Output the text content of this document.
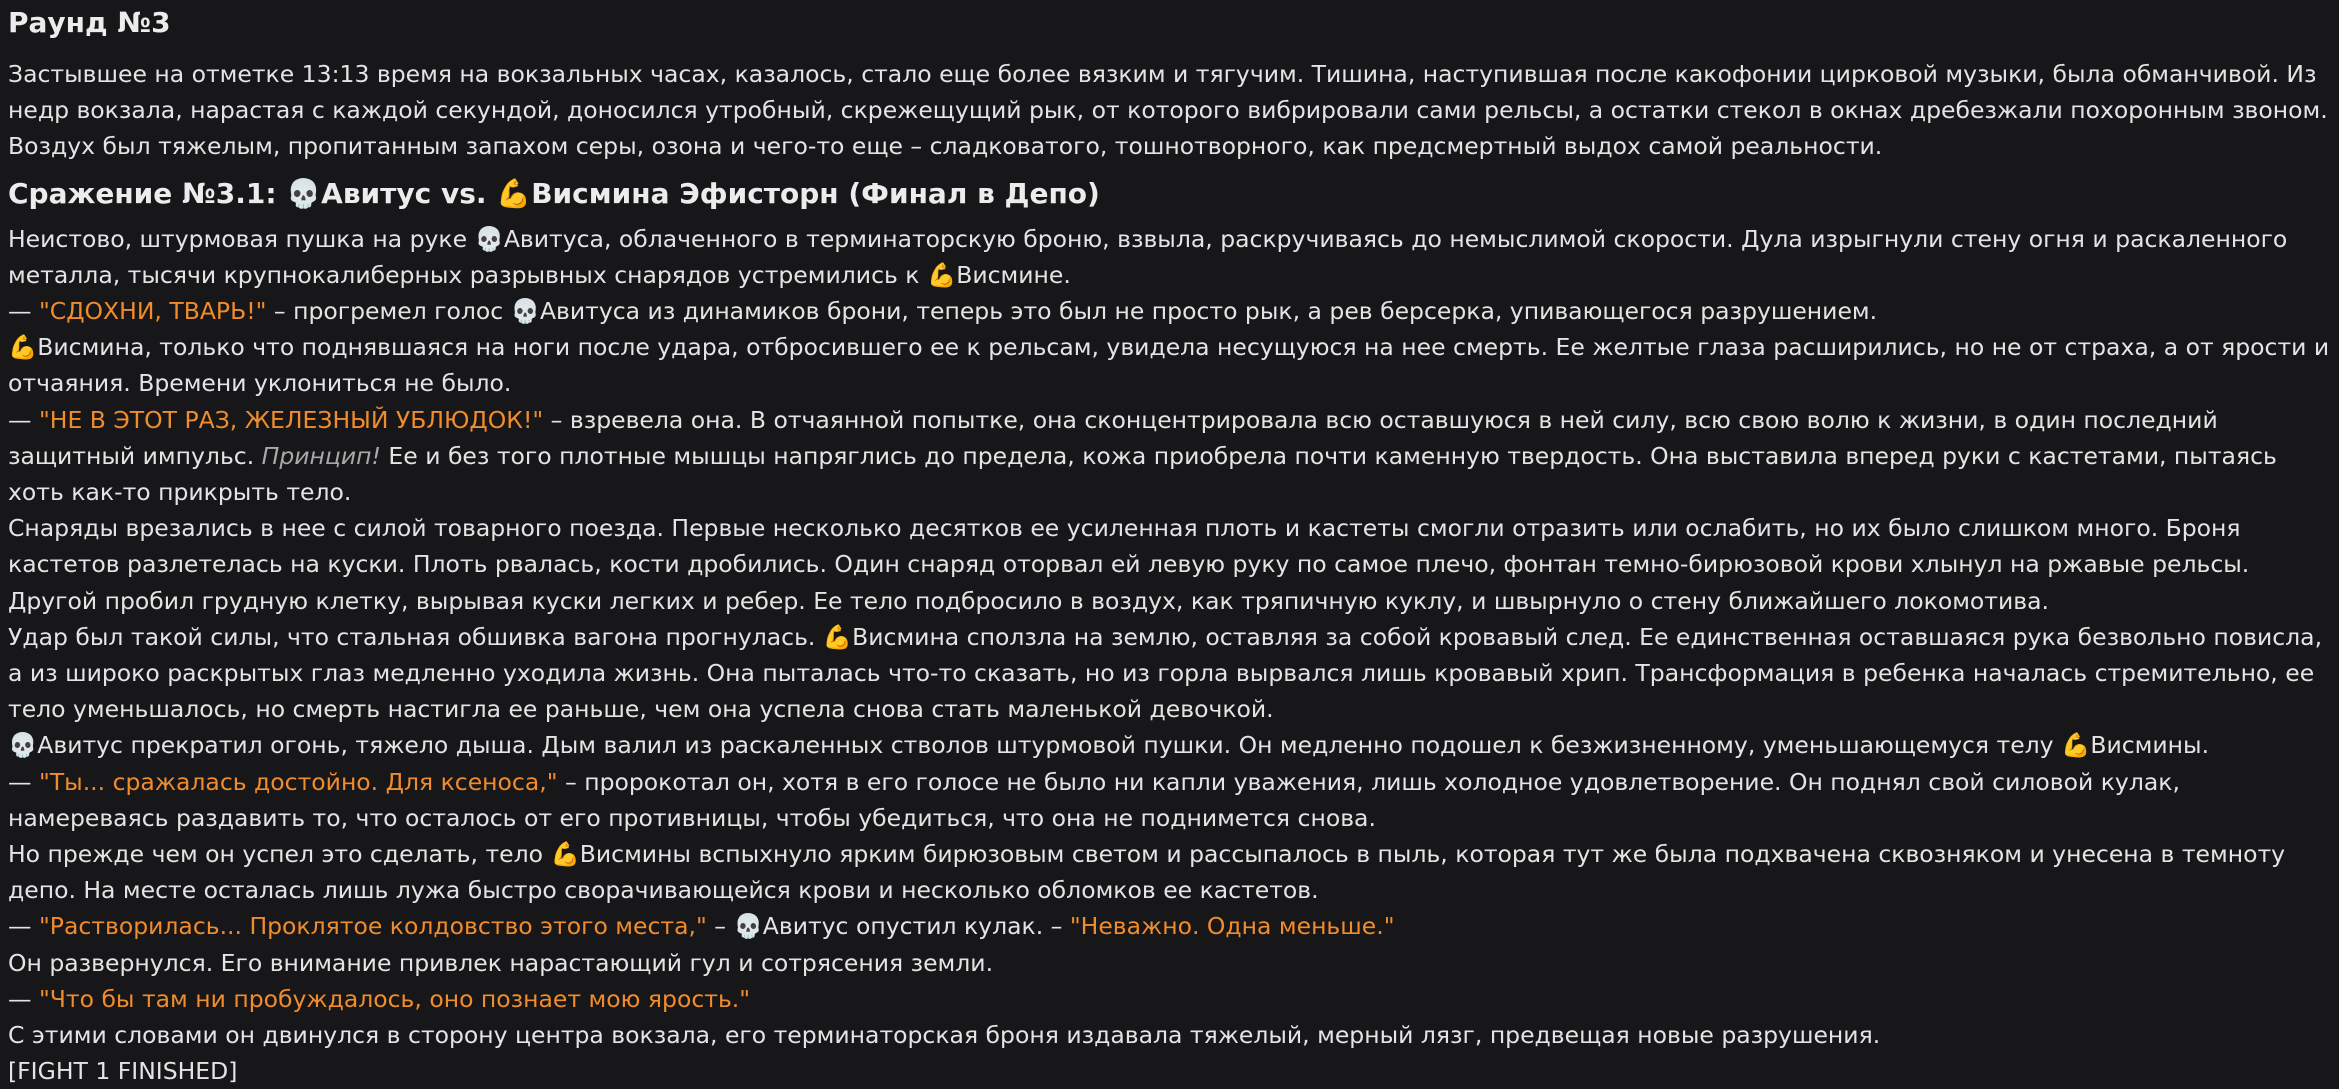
Раунд №3

Застывшее на отметке 13:13 время на вокзальных часах, казалось, стало еще более вязким и тягучим. Тишина, наступившая после какофонии цирковой музыки, была обманчивой. Из недр вокзала, нарастая с каждой секундой, доносился утробный, скрежещущий рык, от которого вибрировали сами рельсы, а остатки стекол в окнах дребезжали похоронным звоном. Воздух был тяжелым, пропитанным запахом серы, озона и чего-то еще – сладковатого, тошнотворного, как предсмертный выдох самой реальности.

Сражение №3.1: 💀Авитус vs. 💪Висмина Эфисторн (Финал в Депо)

Неистово, штурмовая пушка на руке 💀Авитуса, облаченного в терминаторскую броню, взвыла, раскручиваясь до немыслимой скорости. Дула изрыгнули стену огня и раскаленного металла, тысячи крупнокалиберных разрывных снарядов устремились к 💪Висмине.

— "СДОХНИ, ТВАРЬ!" – прогремел голос 💀Авитуса из динамиков брони, теперь это был не просто рык, а рев берсерка, упивающегося разрушением.

💪Висмина, только что поднявшаяся на ноги после удара, отбросившего ее к рельсам, увидела несущуюся на нее смерть. Ее желтые глаза расширились, но не от страха, а от ярости и отчаяния. Времени уклониться не было.

— "НЕ В ЭТОТ РАЗ, ЖЕЛЕЗНЫЙ УБЛЮДОК!" – взревела она. В отчаянной попытке, она сконцентрировала всю оставшуюся в ней силу, всю свою волю к жизни, в один последний защитный импульс. Принцип! Ее и без того плотные мышцы напряглись до предела, кожа приобрела почти каменную твердость. Она выставила вперед руки с кастетами, пытаясь хоть как-то прикрыть тело.

Снаряды врезались в нее с силой товарного поезда. Первые несколько десятков ее усиленная плоть и кастеты смогли отразить или ослабить, но их было слишком много. Броня кастетов разлетелась на куски. Плоть рвалась, кости дробились. Один снаряд оторвал ей левую руку по самое плечо, фонтан темно-бирюзовой крови хлынул на ржавые рельсы. Другой пробил грудную клетку, вырывая куски легких и ребер. Ее тело подбросило в воздух, как тряпичную куклу, и швырнуло о стену ближайшего локомотива.

Удар был такой силы, что стальная обшивка вагона прогнулась. 💪Висмина сползла на землю, оставляя за собой кровавый след. Ее единственная оставшаяся рука безвольно повисла, а из широко раскрытых глаз медленно уходила жизнь. Она пыталась что-то сказать, но из горла вырвался лишь кровавый хрип. Трансформация в ребенка началась стремительно, ее тело уменьшалось, но смерть настигла ее раньше, чем она успела снова стать маленькой девочкой.

💀Авитус прекратил огонь, тяжело дыша. Дым валил из раскаленных стволов штурмовой пушки. Он медленно подошел к безжизненному, уменьшающемуся телу 💪Висмины.

— "Ты... сражалась достойно. Для ксеноса," – пророкотал он, хотя в его голосе не было ни капли уважения, лишь холодное удовлетворение. Он поднял свой силовой кулак, намереваясь раздавить то, что осталось от его противницы, чтобы убедиться, что она не поднимется снова.

Но прежде чем он успел это сделать, тело 💪Висмины вспыхнуло ярким бирюзовым светом и рассыпалось в пыль, которая тут же была подхвачена сквозняком и унесена в темноту депо. На месте осталась лишь лужа быстро сворачивающейся крови и несколько обломков ее кастетов.

— "Растворилась... Проклятое колдовство этого места," – 💀Авитус опустил кулак. – "Неважно. Одна меньше."

Он развернулся. Его внимание привлек нарастающий гул и сотрясения земли.

— "Что бы там ни пробуждалось, оно познает мою ярость."

С этими словами он двинулся в сторону центра вокзала, его терминаторская броня издавала тяжелый, мерный лязг, предвещая новые разрушения.

[FIGHT 1 FINISHED]
